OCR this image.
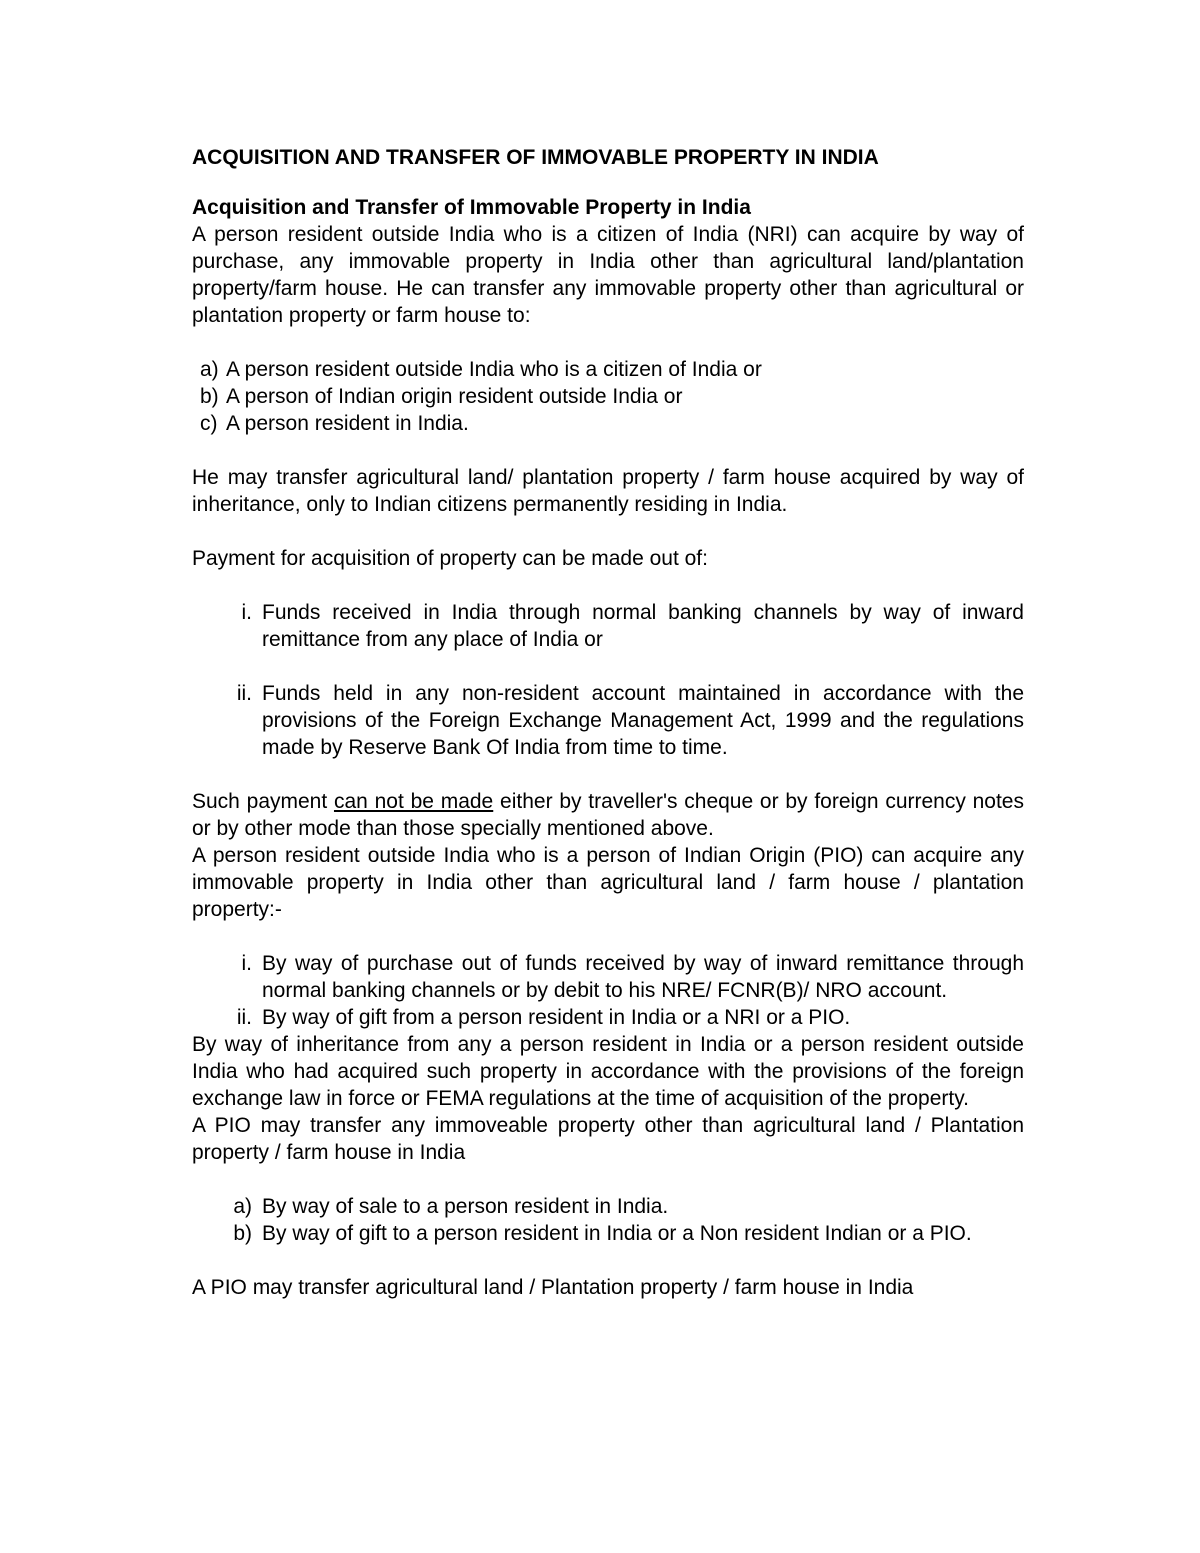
ACQUISITION AND TRANSFER OF IMMOVABLE PROPERTY IN INDIA

Acquisition and Transfer of Immovable Property in India

A person resident outside India who is a citizen of India (NRI) can acquire by way of purchase, any immovable property in India other than agricultural land/plantation property/farm house. He can transfer any immovable property other than agricultural or plantation property or farm house to:

a) A person resident outside India who is a citizen of India or
b) A person of Indian origin resident outside India or
c) A person resident in India.

He may transfer agricultural land/ plantation property / farm house acquired by way of inheritance, only to Indian citizens permanently residing in India.

Payment for acquisition of property can be made out of:

i. Funds received in India through normal banking channels by way of inward remittance from any place of India or
ii. Funds held in any non-resident account maintained in accordance with the provisions of the Foreign Exchange Management Act, 1999 and the regulations made by Reserve Bank Of India from time to time.

Such payment can not be made either by traveller's cheque or by foreign currency notes or by other mode than those specially mentioned above.

A person resident outside India who is a person of Indian Origin (PIO) can acquire any immovable property in India other than agricultural land / farm house / plantation property:-

i. By way of purchase out of funds received by way of inward remittance through normal banking channels or by debit to his NRE/ FCNR(B)/ NRO account.
ii. By way of gift from a person resident in India or a NRI or a PIO.

By way of inheritance from any a person resident in India or a person resident outside India who had acquired such property in accordance with the provisions of the foreign exchange law in force or FEMA regulations at the time of acquisition of the property.

A PIO may transfer any immoveable property other than agricultural land / Plantation property / farm house in India

a) By way of sale to a person resident in India.
b) By way of gift to a person resident in India or a Non resident Indian or a PIO.

A PIO may transfer agricultural land / Plantation property / farm house in India
